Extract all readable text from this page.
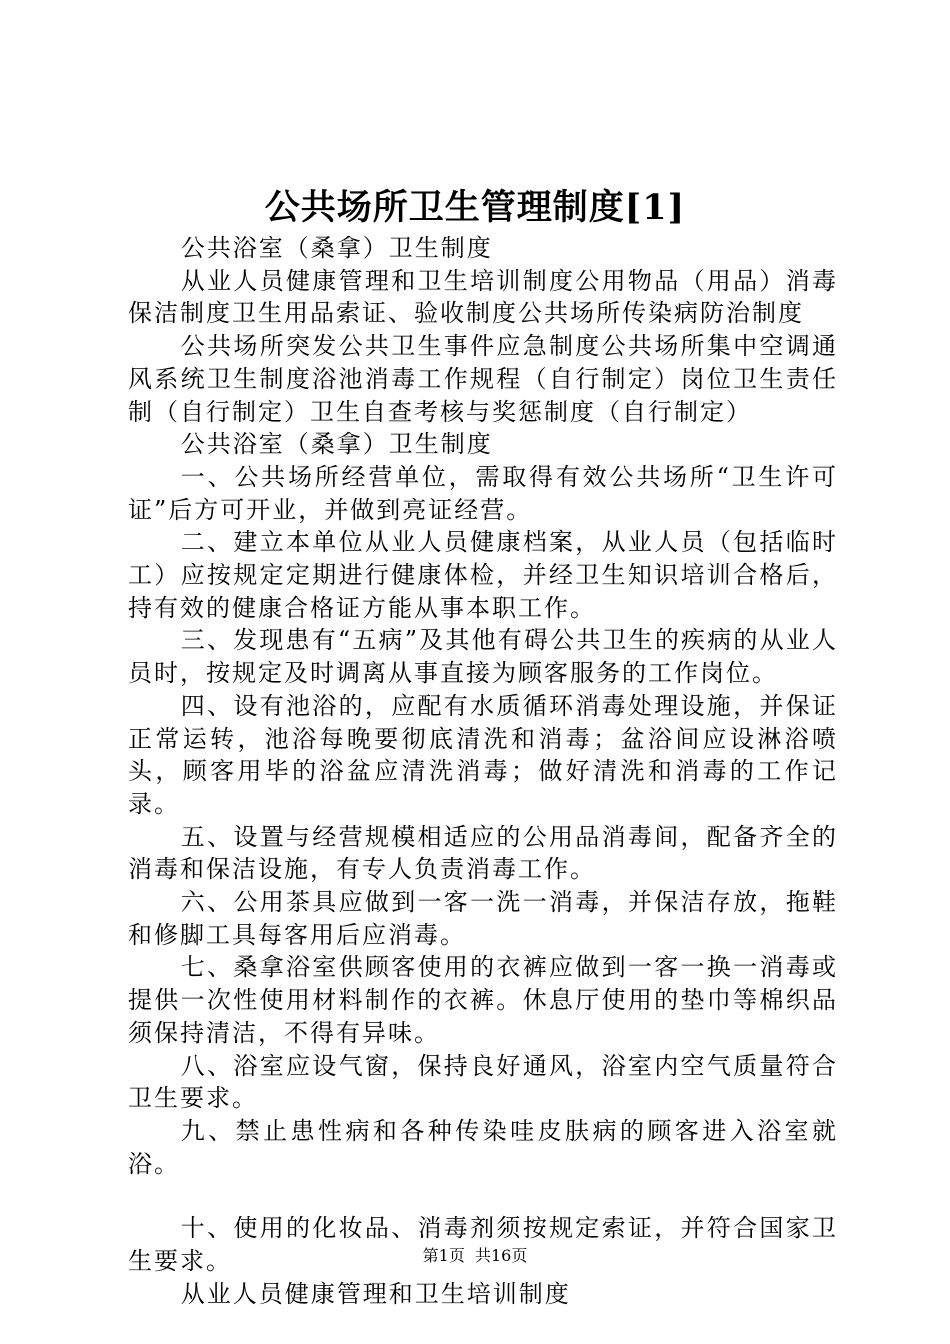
公共场所卫生管理制度[1]

公共浴室（桑拿）卫生制度

从业人员健康管理和卫生培训制度公用物品（用品）消毒保洁制度卫生用品索证、验收制度公共场所传染病防治制度

公共场所突发公共卫生事件应急制度公共场所集中空调通风系统卫生制度浴池消毒工作规程（自行制定）岗位卫生责任制（自行制定）卫生自查考核与奖惩制度（自行制定）

公共浴室（桑拿）卫生制度

一、公共场所经营单位，需取得有效公共场所“卫生许可证”后方可开业，并做到亮证经营。

二、建立本单位从业人员健康档案，从业人员（包括临时工）应按规定定期进行健康体检，并经卫生知识培训合格后，持有效的健康合格证方能从事本职工作。

三、发现患有“五病”及其他有碍公共卫生的疾病的从业人员时，按规定及时调离从事直接为顾客服务的工作岗位。

四、设有池浴的，应配有水质循环消毒处理设施，并保证正常运转，池浴每晚要彻底清洗和消毒；盆浴间应设淋浴喷头，顾客用毕的浴盆应清洗消毒；做好清洗和消毒的工作记录。

五、设置与经营规模相适应的公用品消毒间，配备齐全的消毒和保洁设施，有专人负责消毒工作。

六、公用茶具应做到一客一洗一消毒，并保洁存放，拖鞋和修脚工具每客用后应消毒。

七、桑拿浴室供顾客使用的衣裤应做到一客一换一消毒或提供一次性使用材料制作的衣裤。休息厅使用的垫巾等棉织品须保持清洁，不得有异味。

八、浴室应设气窗，保持良好通风，浴室内空气质量符合卫生要求。

九、禁止患性病和各种传染哇皮肤病的顾客进入浴室就浴。

十、使用的化妆品、消毒剂须按规定索证，并符合国家卫生要求。

从业人员健康管理和卫生培训制度

第1页  共16页
